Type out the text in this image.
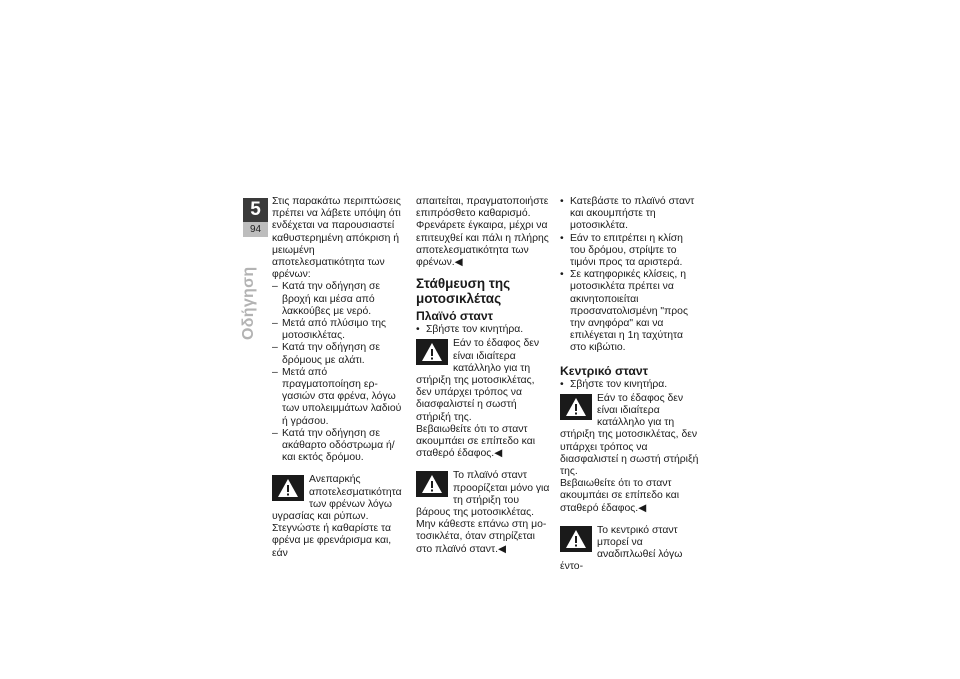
5
94
Οδήγηση

Στις παρακάτω περιπτώσεις πρέπει να λάβετε υπόψη ότι ενδέχεται να παρουσιαστεί καθυστερημένη απόκριση ή μειωμένη αποτελεσματικότητα των φρένων:

– Κατά την οδήγηση σε βροχή και μέσα από λακκούβες με νερό.
– Μετά από πλύσιμο της μοτοσικλέτας.
– Κατά την οδήγηση σε δρόμους με αλάτι.
– Μετά από πραγματοποίηση εργασιών στα φρένα, λόγω των υπολειμμάτων λαδιού ή γράσου.
– Κατά την οδήγηση σε ακάθαρτο οδόστρωμα ή/και εκτός δρόμου.
Ανεπαρκής αποτελεσματικότητα των φρένων λόγω
υγρασίας και ρύπων.
Στεγνώστε ή καθαρίστε τα φρένα με φρενάρισμα και, εάν
απαιτείται, πραγματοποιήστε επιπρόσθετο καθαρισμό.
Φρενάρετε έγκαιρα, μέχρι να επιτευχθεί και πάλι η πλήρης αποτελεσματικότητα των φρένων.◀
Στάθμευση της μοτοσικλέτας
Πλαϊνό σταντ
• Σβήστε τον κινητήρα.
Εάν το έδαφος δεν είναι ιδιαίτερα κατάλληλο για τη
στήριξη της μοτοσικλέτας, δεν υπάρχει τρόπος να διασφαλιστεί η σωστή στήριξή της.
Βεβαιωθείτε ότι το σταντ ακουμπάει σε επίπεδο και σταθερό έδαφος.◀
Το πλαϊνό σταντ προορίζεται μόνο για τη στήριξη του
βάρους της μοτοσικλέτας.
Μην κάθεστε επάνω στη μοτοσικλέτα, όταν στηρίζεται στο πλαϊνό σταντ.◀
• Κατεβάστε το πλαϊνό σταντ και ακουμπήστε τη μοτοσικλέτα.
• Εάν το επιτρέπει η κλίση του δρόμου, στρίψτε το τιμόνι προς τα αριστερά.
• Σε κατηφορικές κλίσεις, η μοτοσικλέτα πρέπει να ακινητοποιείται προσανατολισμένη "προς την ανηφόρα" και να επιλέγεται η 1η ταχύτητα στο κιβώτιο.
Κεντρικό σταντ
• Σβήστε τον κινητήρα.
Εάν το έδαφος δεν είναι ιδιαίτερα κατάλληλο για τη
στήριξη της μοτοσικλέτας, δεν υπάρχει τρόπος να διασφαλιστεί η σωστή στήριξή της.
Βεβαιωθείτε ότι το σταντ ακουμπάει σε επίπεδο και σταθερό έδαφος.◀
Το κεντρικό σταντ μπορεί να αναδιπλωθεί λόγω έντο-
